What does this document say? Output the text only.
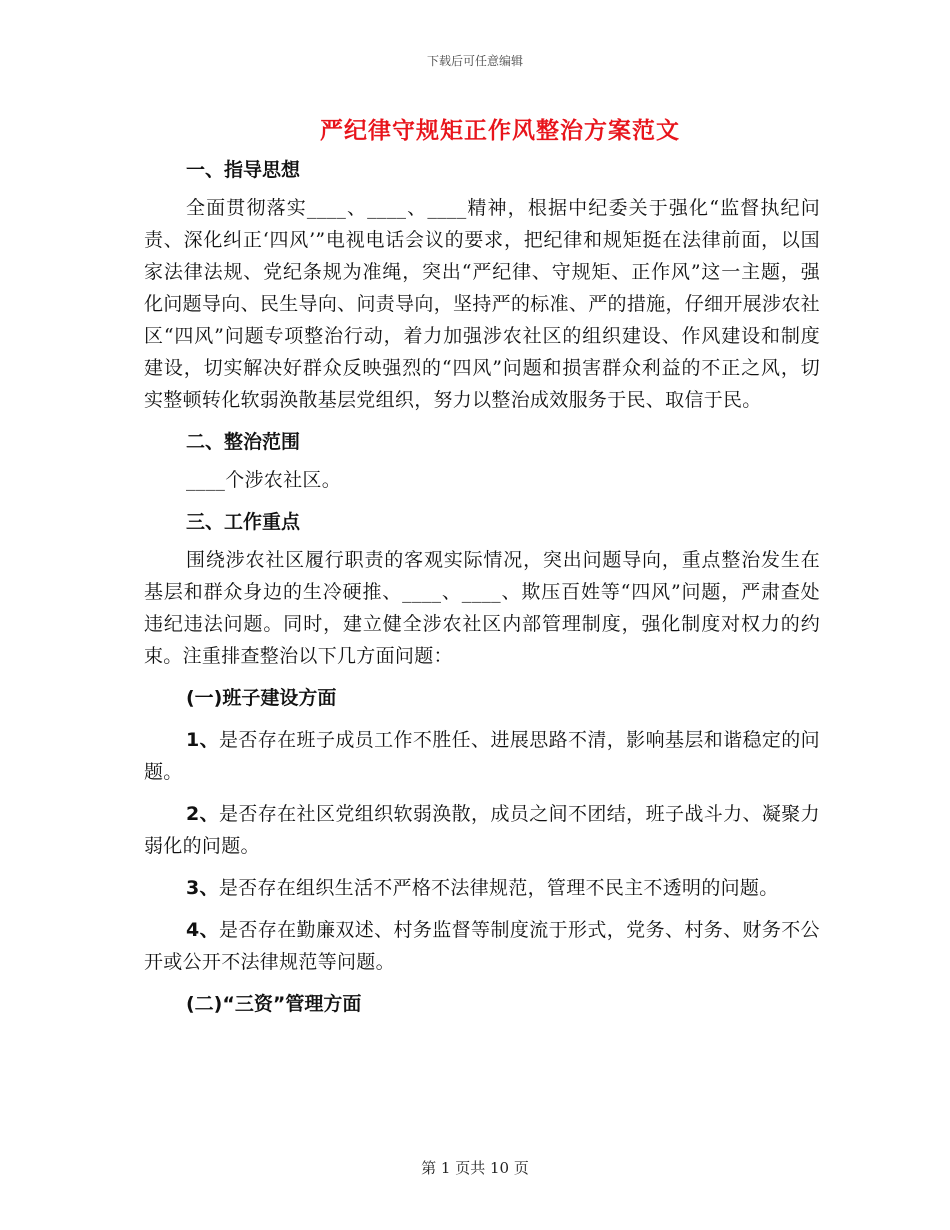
下载后可任意编辑
严纪律守规矩正作风整治方案范文

一、指导思想

全面贯彻落实____、____、____精神，根据中纪委关于强化“监督执纪问责、深化纠正‘四风’”电视电话会议的要求，把纪律和规矩挺在法律前面，以国家法律法规、党纪条规为准绳，突出“严纪律、守规矩、正作风”这一主题，强化问题导向、民生导向、问责导向，坚持严的标准、严的措施，仔细开展涉农社区“四风”问题专项整治行动，着力加强涉农社区的组织建设、作风建设和制度建设，切实解决好群众反映强烈的“四风”问题和损害群众利益的不正之风，切实整顿转化软弱涣散基层党组织，努力以整治成效服务于民、取信于民。

二、整治范围

____个涉农社区。

三、工作重点

围绕涉农社区履行职责的客观实际情况，突出问题导向，重点整治发生在基层和群众身边的生冷硬推、____、____、欺压百姓等“四风”问题，严肃查处违纪违法问题。同时，建立健全涉农社区内部管理制度，强化制度对权力的约束。注重排查整治以下几方面问题：

(一)班子建设方面

1、是否存在班子成员工作不胜任、进展思路不清，影响基层和谐稳定的问题。

2、是否存在社区党组织软弱涣散，成员之间不团结，班子战斗力、凝聚力弱化的问题。

3、是否存在组织生活不严格不法律规范，管理不民主不透明的问题。

4、是否存在勤廉双述、村务监督等制度流于形式，党务、村务、财务不公开或公开不法律规范等问题。

(二)“三资”管理方面

第 1 页共 10 页
